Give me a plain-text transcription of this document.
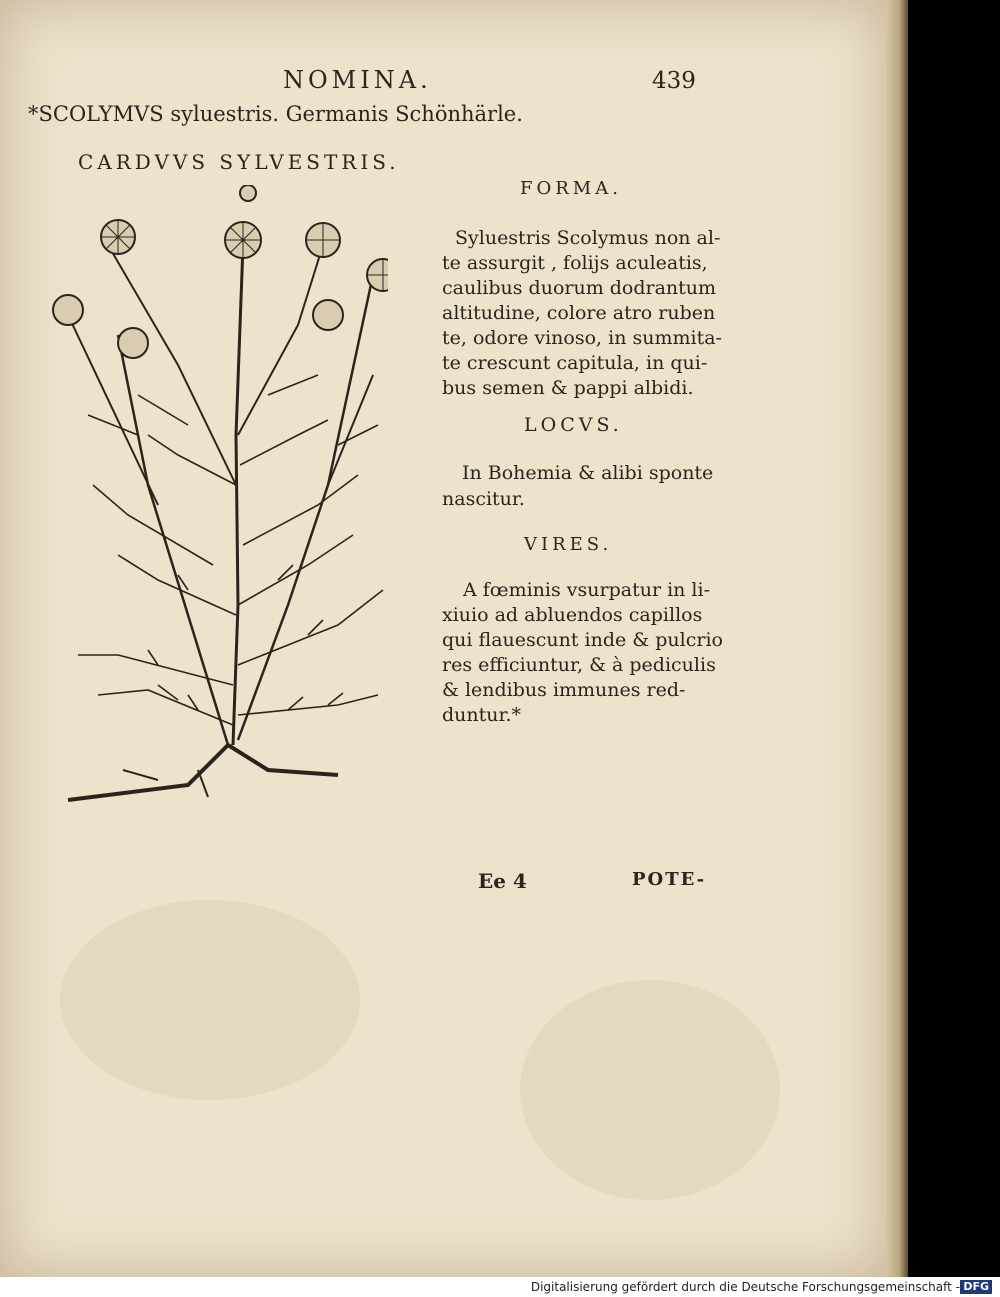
NOMINA.	439
*SCOLYMVS syluestris. Germanis Schönhärle.
CARDVVS SYLVESTRIS.
FORMA.
Syluestris Scolymus non al-
te assurgit , folijs aculeatis,
caulibus duorum dodrantum
altitudine, colore atro ruben
te, odore vinoso, in summita-
te crescunt capitula, in qui-
bus semen & pappi albidi.
LOCVS.
In Bohemia & alibi sponte
nascitur.
VIRES.
A fœminis vsurpatur in li-
xiuio ad abluendos capillos
qui flauescunt inde & pulcrio
res efficiuntur, & à pediculis
& lendibus immunes red-
duntur.*
Ee 4	POTE-
Digitalisierung gefördert durch die Deutsche Forschungsgemeinschaft - DFG
